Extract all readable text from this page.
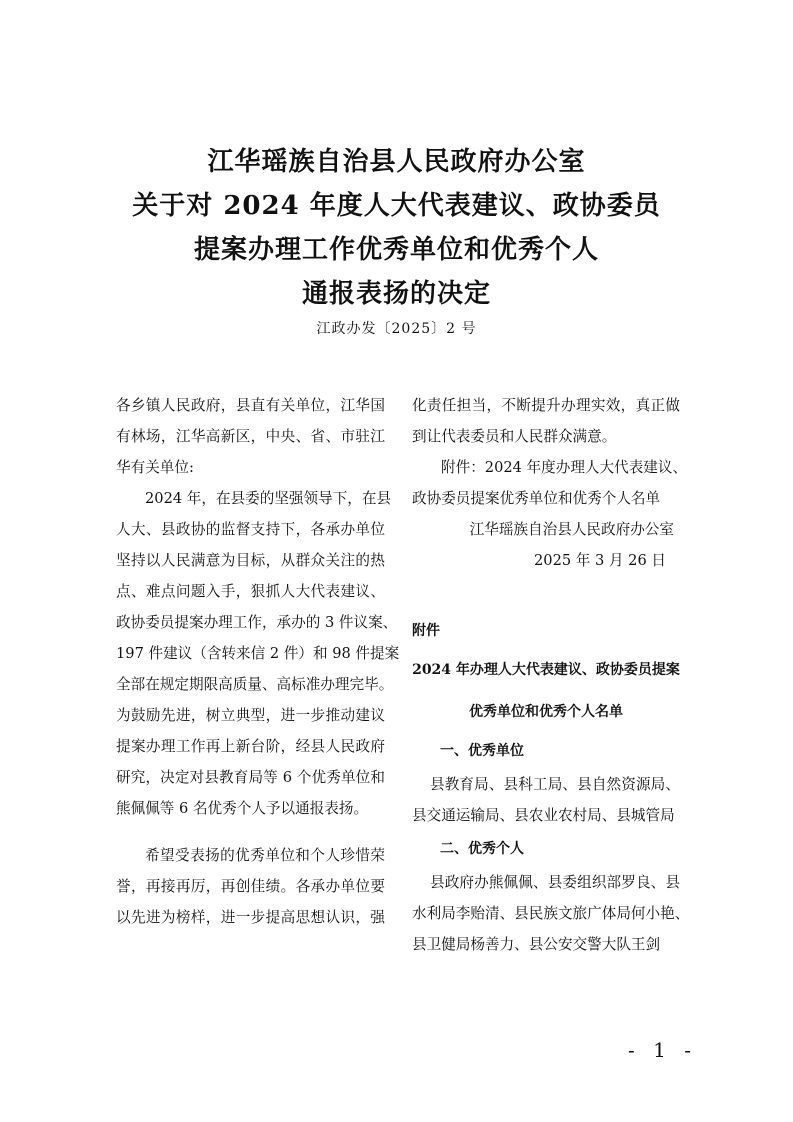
江华瑶族自治县人民政府办公室
关于对 2024 年度人大代表建议、政协委员
提案办理工作优秀单位和优秀个人
通报表扬的决定
江政办发〔2025〕2 号
各乡镇人民政府，县直有关单位，江华国
有林场，江华高新区，中央、省、市驻江
华有关单位:
2024 年，在县委的坚强领导下，在县
人大、县政协的监督支持下，各承办单位
坚持以人民满意为目标，从群众关注的热
点、难点问题入手，狠抓人大代表建议、
政协委员提案办理工作，承办的 3 件议案、
197 件建议（含转来信 2 件）和 98 件提案
全部在规定期限高质量、高标准办理完毕。
为鼓励先进，树立典型，进一步推动建议
提案办理工作再上新台阶，经县人民政府
研究，决定对县教育局等 6 个优秀单位和
熊佩佩等 6 名优秀个人予以通报表扬。
希望受表扬的优秀单位和个人珍惜荣
誉，再接再厉，再创佳绩。各承办单位要
以先进为榜样，进一步提高思想认识，强
化责任担当，不断提升办理实效，真正做
到让代表委员和人民群众满意。
附件：2024 年度办理人大代表建议、
政协委员提案优秀单位和优秀个人名单
江华瑶族自治县人民政府办公室
2025 年 3 月 26 日
附件
2024 年办理人大代表建议、政协委员提案
优秀单位和优秀个人名单
一、优秀单位
县教育局、县科工局、县自然资源局、
县交通运输局、县农业农村局、县城管局
二、优秀个人
县政府办熊佩佩、县委组织部罗良、县
水利局李贻清、县民族文旅广体局何小艳、
县卫健局杨善力、县公安交警大队王剑
- 1 -
